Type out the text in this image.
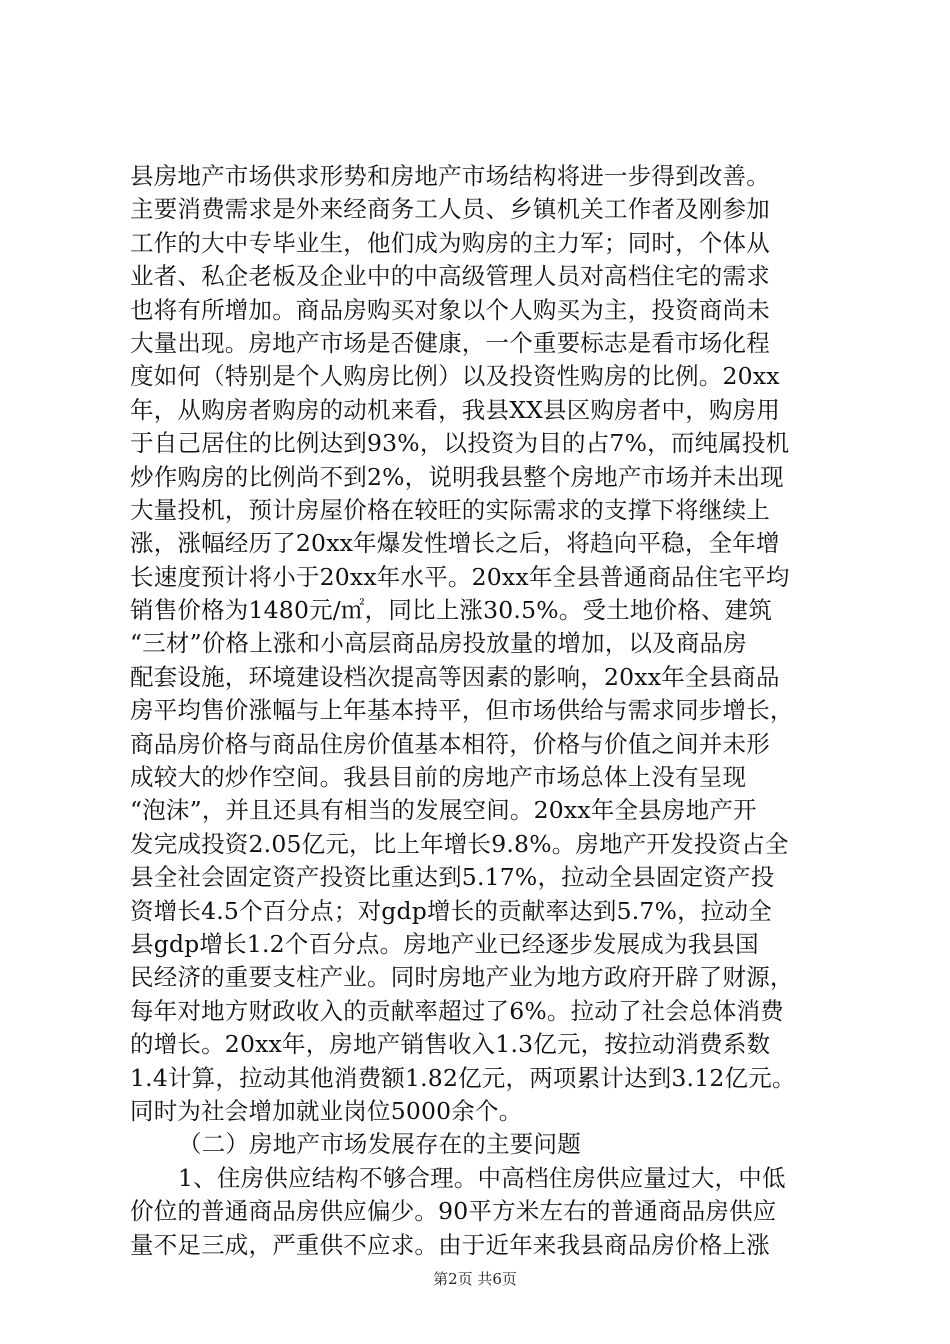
县房地产市场供求形势和房地产市场结构将进一步得到改善。
主要消费需求是外来经商务工人员、乡镇机关工作者及刚参加
工作的大中专毕业生，他们成为购房的主力军；同时，个体从
业者、私企老板及企业中的中高级管理人员对高档住宅的需求
也将有所增加。商品房购买对象以个人购买为主，投资商尚未
大量出现。房地产市场是否健康，一个重要标志是看市场化程
度如何（特别是个人购房比例）以及投资性购房的比例。20xx
年，从购房者购房的动机来看，我县XX县区购房者中，购房用
于自己居住的比例达到93%，以投资为目的占7%，而纯属投机
炒作购房的比例尚不到2%，说明我县整个房地产市场并未出现
大量投机，预计房屋价格在较旺的实际需求的支撑下将继续上
涨，涨幅经历了20xx年爆发性增长之后，将趋向平稳，全年增
长速度预计将小于20xx年水平。20xx年全县普通商品住宅平均
销售价格为1480元/㎡，同比上涨30.5%。受土地价格、建筑
“三材”价格上涨和小高层商品房投放量的增加，以及商品房
配套设施，环境建设档次提高等因素的影响，20xx年全县商品
房平均售价涨幅与上年基本持平，但市场供给与需求同步增长，
商品房价格与商品住房价值基本相符，价格与价值之间并未形
成较大的炒作空间。我县目前的房地产市场总体上没有呈现
“泡沫”，并且还具有相当的发展空间。20xx年全县房地产开
发完成投资2.05亿元，比上年增长9.8%。房地产开发投资占全
县全社会固定资产投资比重达到5.17%，拉动全县固定资产投
资增长4.5个百分点；对gdp增长的贡献率达到5.7%，拉动全
县gdp增长1.2个百分点。房地产业已经逐步发展成为我县国
民经济的重要支柱产业。同时房地产业为地方政府开辟了财源，
每年对地方财政收入的贡献率超过了6%。拉动了社会总体消费
的增长。20xx年，房地产销售收入1.3亿元，按拉动消费系数
1.4计算，拉动其他消费额1.82亿元，两项累计达到3.12亿元。
同时为社会增加就业岗位5000余个。
（二）房地产市场发展存在的主要问题
1、住房供应结构不够合理。中高档住房供应量过大，中低
价位的普通商品房供应偏少。90平方米左右的普通商品房供应
量不足三成，严重供不应求。由于近年来我县商品房价格上涨
第2页 共6页
